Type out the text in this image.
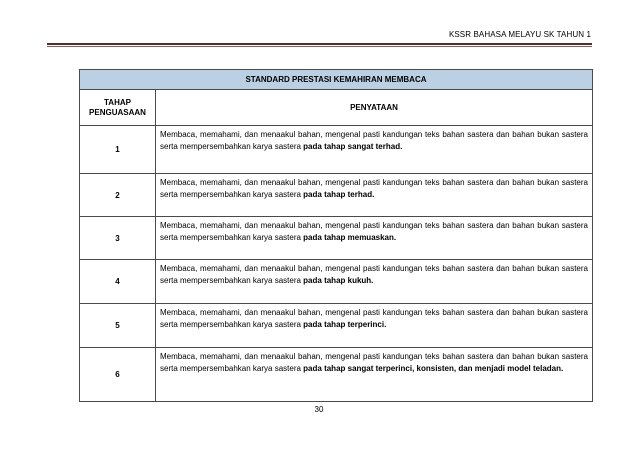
KSSR BAHASA MELAYU SK TAHUN 1
STANDARD PRESTASI KEMAHIRAN MEMBACA	
TAHAP PENGUASAAN	PENYATAAN
1	Membaca, memahami, dan menaakul bahan, mengenal pasti kandungan teks bahan sastera dan bahan bukan sastera serta mempersembahkan karya sastera pada tahap sangat terhad.
2	Membaca, memahami, dan menaakul bahan, mengenal pasti kandungan teks bahan sastera dan bahan bukan sastera serta mempersembahkan karya sastera pada tahap terhad.
3	Membaca, memahami, dan menaakul bahan, mengenal pasti kandungan teks bahan sastera dan bahan bukan sastera serta mempersembahkan karya sastera pada tahap memuaskan.
4	Membaca, memahami, dan menaakul bahan, mengenal pasti kandungan teks bahan sastera dan bahan bukan sastera serta mempersembahkan karya sastera pada tahap kukuh.
5	Membaca, memahami, dan menaakul bahan, mengenal pasti kandungan teks bahan sastera dan bahan bukan sastera serta mempersembahkan karya sastera pada tahap terperinci.
6	Membaca, memahami, dan menaakul bahan, mengenal pasti kandungan teks bahan sastera dan bahan bukan sastera serta mempersembahkan karya sastera pada tahap sangat terperinci, konsisten, dan menjadi model teladan.
30
